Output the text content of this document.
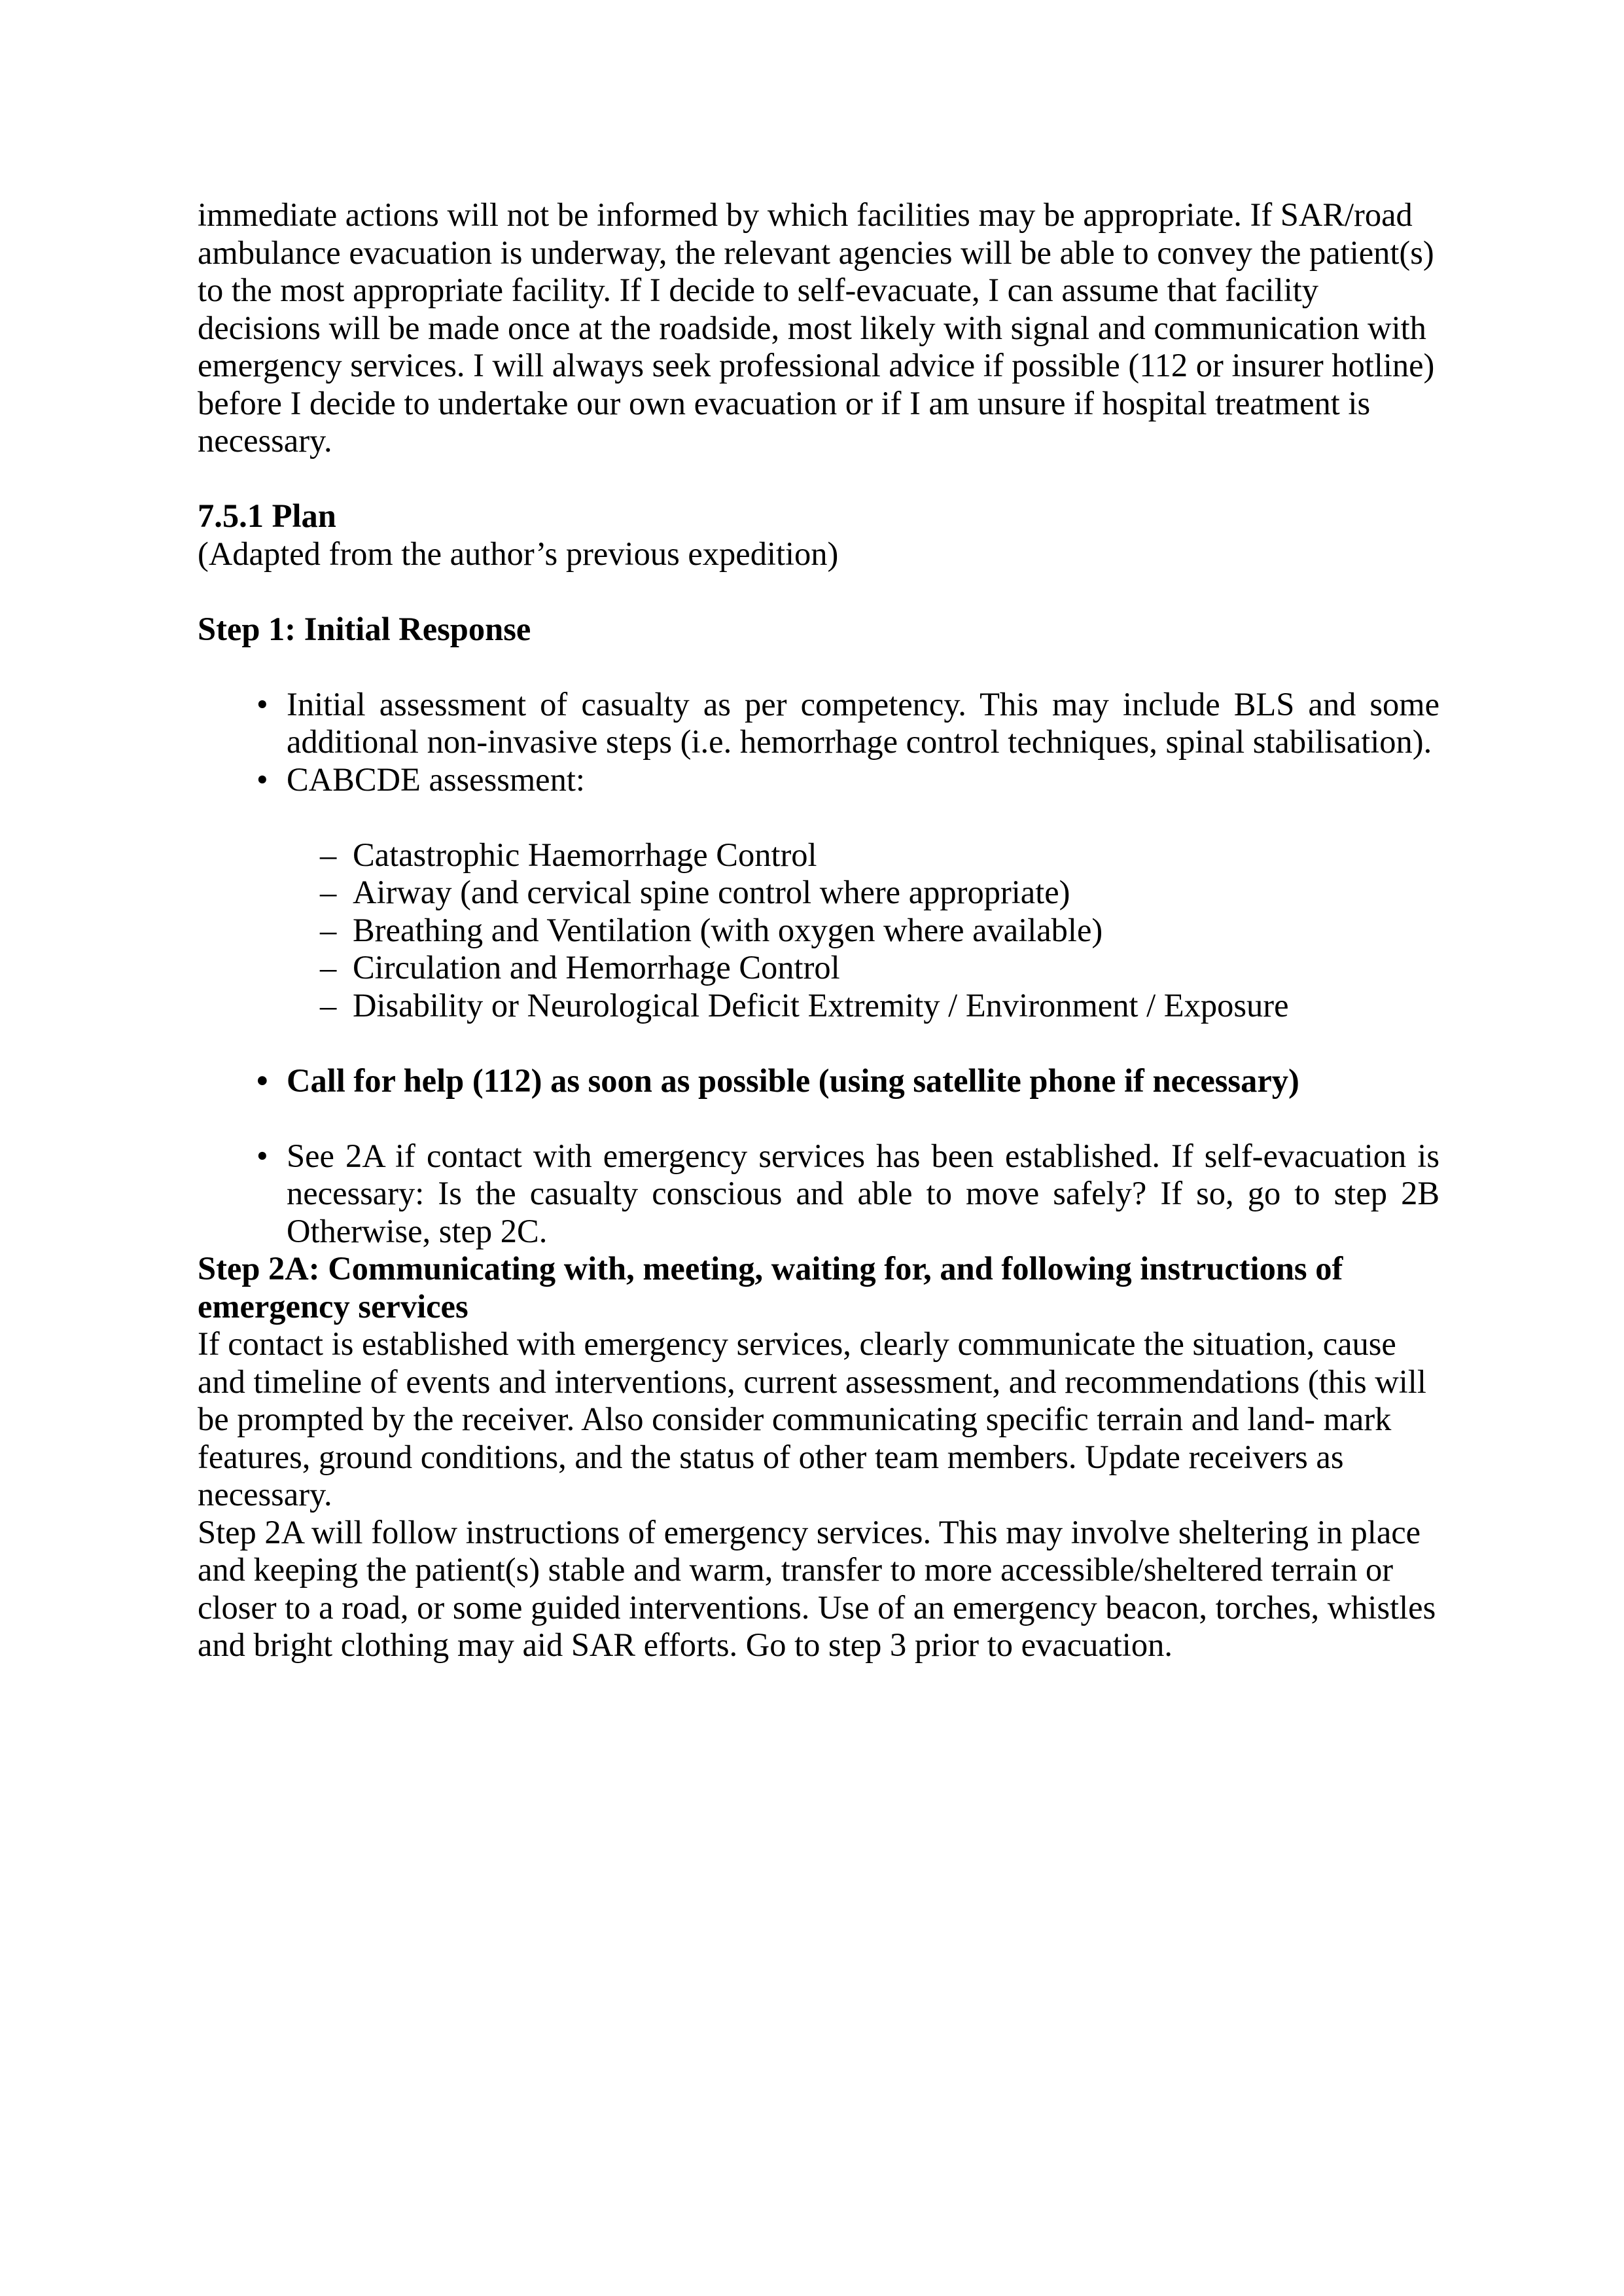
immediate actions will not be informed by which facilities may be appropriate. If SAR/road ambulance evacuation is underway, the relevant agencies will be able to convey the patient(s) to the most appropriate facility. If I decide to self-evacuate, I can assume that facility decisions will be made once at the roadside, most likely with signal and communication with emergency services. I will always seek professional advice if possible (112 or insurer hotline) before I decide to undertake our own evacuation or if I am unsure if hospital treatment is necessary.

7.5.1 Plan

(Adapted from the author’s previous expedition)

Step 1: Initial Response

• Initial assessment of casualty as per competency. This may include BLS and some additional non-invasive steps (i.e. hemorrhage control techniques, spinal stabilisation).
• CABCDE assessment:
– Catastrophic Haemorrhage Control
– Airway (and cervical spine control where appropriate)
– Breathing and Ventilation (with oxygen where available)
– Circulation and Hemorrhage Control
– Disability or Neurological Deficit Extremity / Environment / Exposure
• Call for help (112) as soon as possible (using satellite phone if necessary)
• See 2A if contact with emergency services has been established. If self-evacuation is necessary: Is the casualty conscious and able to move safely? If so, go to step 2B Otherwise, step 2C.

Step 2A: Communicating with, meeting, waiting for, and following instructions of emergency services

If contact is established with emergency services, clearly communicate the situation, cause and timeline of events and interventions, current assessment, and recommendations (this will be prompted by the receiver. Also consider communicating specific terrain and land- mark features, ground conditions, and the status of other team members. Update receivers as necessary.

Step 2A will follow instructions of emergency services. This may involve sheltering in place and keeping the patient(s) stable and warm, transfer to more accessible/sheltered terrain or closer to a road, or some guided interventions. Use of an emergency beacon, torches, whistles and bright clothing may aid SAR efforts. Go to step 3 prior to evacuation.
